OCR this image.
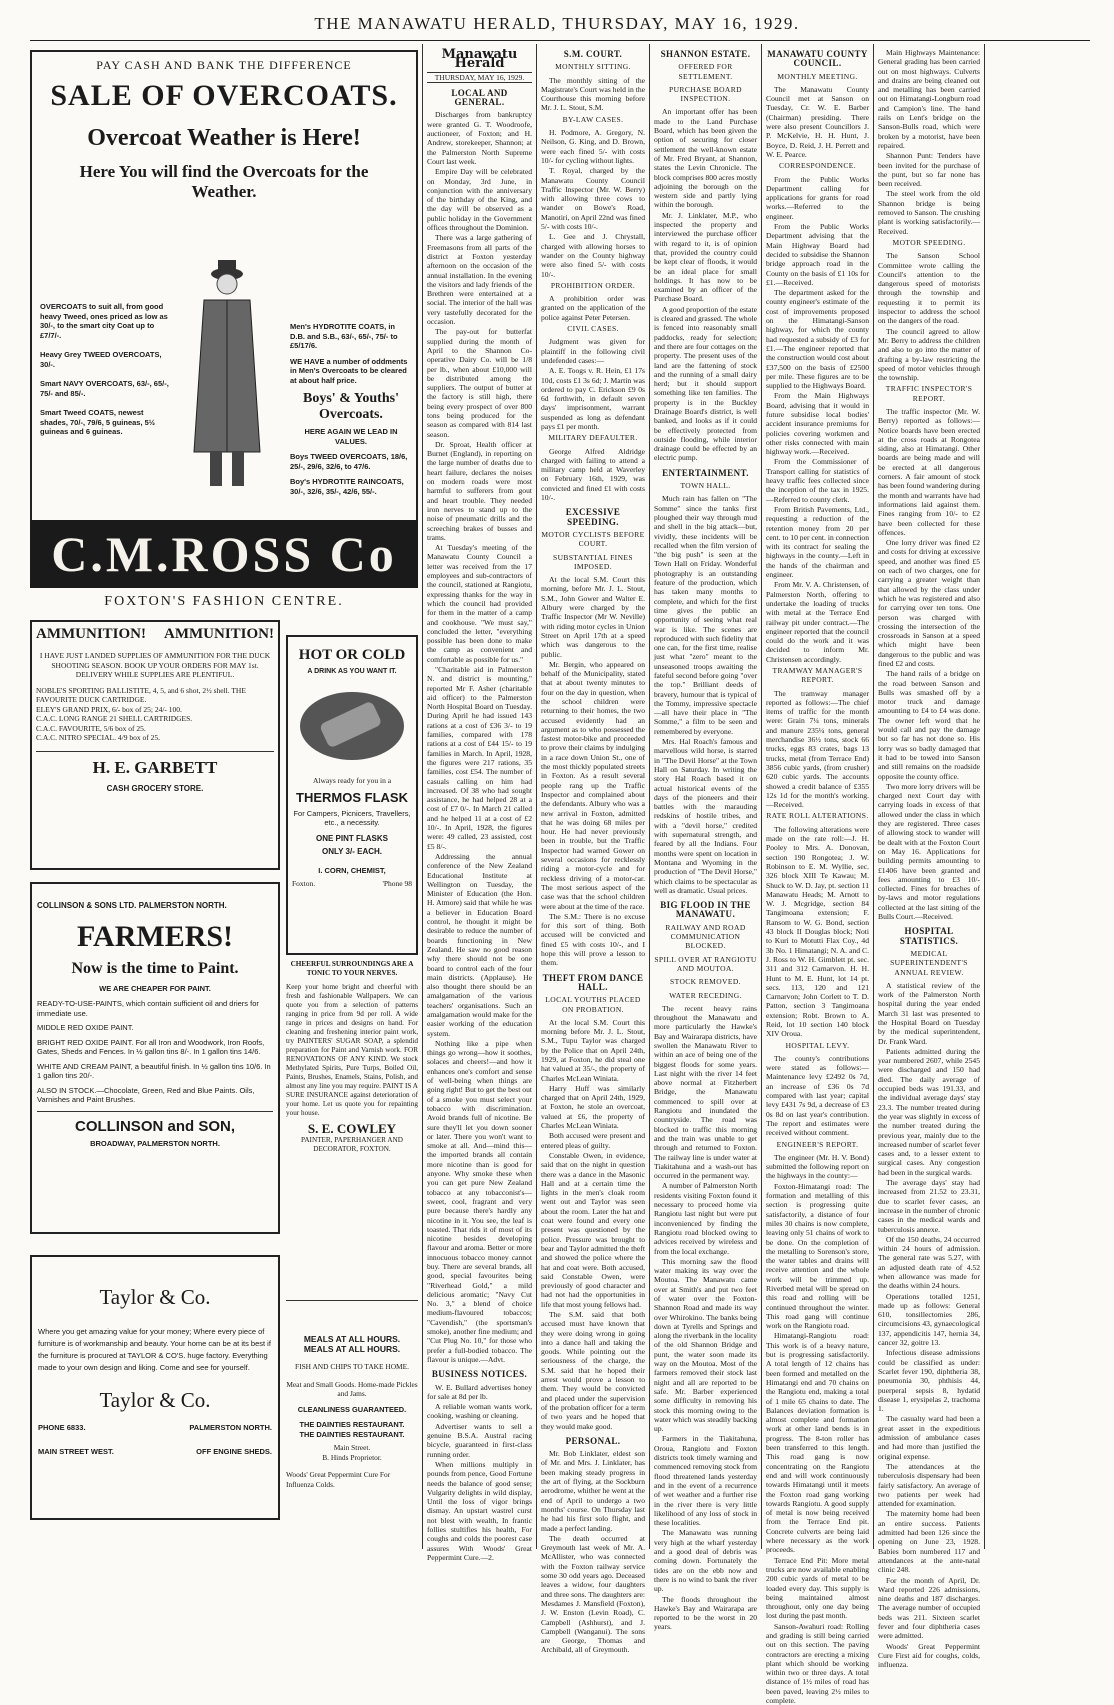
THE MANAWATU HERALD, THURSDAY, MAY 16, 1929.
PAY CASH AND BANK THE DIFFERENCE
SALE OF OVERCOATS.
Overcoat Weather is Here!
Here You will find the Overcoats for the Weather.
OVERCOATS to suit all, from good heavy Tweed, ones priced as low as 30/-, to the smart city Coat up to £7/7/-.
Heavy Grey TWEED OVERCOATS, 30/-.
Smart NAVY OVERCOATS, 63/-, 65/-, 75/- and 85/-.
Smart Tweed COATS, newest shades, 70/-, 79/6, 5 guineas, 5½ guineas and 6 guineas.
Men's HYDROTITE COATS, in D.B. and S.B., 63/-, 65/-, 75/- to £5/17/6.
WE HAVE a number of oddments in Men's Overcoats to be cleared at about half price.
Boys' & Youths' Overcoats.
HERE AGAIN WE LEAD IN VALUES.
Boys TWEED OVERCOATS, 18/6, 25/-, 29/6, 32/6, to 47/6.
Boy's HYDROTITE RAINCOATS, 30/-, 32/6, 35/-, 42/6, 55/-.
C.M.ROSS Co
FOXTON'S FASHION CENTRE.
AMMUNITION! AMMUNITION!
I HAVE JUST LANDED SUPPLIES OF AMMUNITION FOR THE DUCK SHOOTING SEASON. BOOK UP YOUR ORDERS FOR MAY 1st. DELIVERY WHILE SUPPLIES ARE PLENTIFUL.
NOBLE'S SPORTING BALLISTITE, 4, 5, and 6 shot, 2½ shell. THE FAVOURITE DUCK CARTRIDGE.
ELEY'S GRAND PRIX, 6/- box of 25; 24/- 100.
C.A.C. LONG RANGE 21 SHELL CARTRIDGES.
C.A.C. FAVOURITE, 5/6 box of 25.
C.A.C. NITRO SPECIAL. 4/9 box of 25.
H. E. GARBETT
CASH GROCERY STORE.
COLLINSON & SONS LTD. PALMERSTON NORTH.
FARMERS!
Now is the time to Paint.
WE ARE CHEAPER FOR PAINT.
READY-TO-USE-PAINTS, which contain sufficient oil and driers for immediate use.
MIDDLE RED OXIDE PAINT.
BRIGHT RED OXIDE PAINT. For all Iron and Woodwork, Iron Roofs, Gates, Sheds and Fences. In ½ gallon tins 8/-. In 1 gallon tins 14/6.
WHITE AND CREAM PAINT, a beautiful finish. In ½ gallon tins 10/6. In 1 gallon tins 20/-.
ALSO IN STOCK.—Chocolate, Green, Red and Blue Paints. Oils, Varnishes and Paint Brushes.
COLLINSON and SON,
BROADWAY, PALMERSTON NORTH.
Taylor & Co.
Where you get amazing value for your money; Where every piece of furniture is of workmanship and beauty. Your home can be at its best if the furniture is procured at TAYLOR & CO'S. huge factory. Everything made to your own design and liking. Come and see for yourself.
Taylor & Co.
PHONE 6833.	PALMERSTON NORTH.
MAIN STREET WEST.	OFF ENGINE SHEDS.
HOT OR COLD
A DRINK AS YOU WANT IT.
Always ready for you in a
THERMOS FLASK
For Campers, Picnicers, Travellers, etc., a necessity.
ONE PINT FLASKS
ONLY 3/- EACH.
I. CORN, CHEMIST,
Foxton.	'Phone 98
CHEERFUL SURROUNDINGS ARE A TONIC TO YOUR NERVES.
Keep your home bright and cheerful with fresh and fashionable Wallpapers. We can quote you from a selection of patterns ranging in price from 9d per roll. A wide range in prices and designs on hand. For cleaning and freshening interior paint work, try PAINTERS' SUGAR SOAP, a splendid preparation for Paint and Varnish work. FOR RENOVATIONS OF ANY KIND. We stock Methylated Spirits, Pure Turps, Boiled Oil, Paints, Brushes, Enamels, Stains, Polish, and almost any line you may require. PAINT IS A SURE INSURANCE against deterioration of your home. Let us quote you for repainting your house.
S. E. COWLEY
PAINTER, PAPERHANGER AND DECORATOR, FOXTON.
MEALS AT ALL HOURS.
MEALS AT ALL HOURS.
FISH AND CHIPS TO TAKE HOME.
Meat and Small Goods. Home-made Pickles and Jams.
CLEANLINESS GUARANTEED.
THE DAINTIES RESTAURANT.
THE DAINTIES RESTAURANT.
Main Street.
B. Hinds Proprietor.
Woods' Great Peppermint Cure For Influenza Colds.
Manawatu Herald
THURSDAY, MAY 16, 1929.
LOCAL AND GENERAL.

Discharges from bankruptcy were granted G. T. Woodroofe, auctioneer, of Foxton; and H. Andrew, storekeeper, Shannon; at the Palmerston North Supreme Court last week.

Empire Day will be celebrated on Monday, 3rd June, in conjunction with the anniversary of the birthday of the King, and the day will be observed as a public holiday in the Government offices throughout the Dominion.

There was a large gathering of Freemasons from all parts of the district at Foxton yesterday afternoon on the occasion of the annual installation. In the evening the visitors and lady friends of the Brethren were entertained at a social. The interior of the hall was very tastefully decorated for the occasion.

The pay-out for butterfat supplied during the month of April to the Shannon Co-operative Dairy Co. will be 1/8 per lb., when about £10,000 will be distributed among the suppliers. The output of butter at the factory is still high, there being every prospect of over 800 tons being produced for the season as compared with 814 last season.

Dr. Sproat, Health officer at Burnet (England), in reporting on the large number of deaths due to heart failure, declares the noises on modern roads were most harmful to sufferers from gout and heart trouble. They needed iron nerves to stand up to the noise of pneumatic drills and the screeching brakes of busses and trams.

At Tuesday's meeting of the Manawatu County Council a letter was received from the 17 employees and sub-contractors of the council, stationed at Rangiotu, expressing thanks for the way in which the council had provided for them in the matter of a camp and cookhouse. "We must say," concluded the letter, "everything possible has been done to make the camp as convenient and comfortable as possible for us."

"Charitable aid in Palmerston N. and district is mounting," reported Mr F. Asher (charitable aid officer) to the Palmerston North Hospital Board on Tuesday. During April he had issued 143 rations at a cost of £36 3/- to 19 families, compared with 178 rations at a cost of £44 15/- to 19 families in March. In April, 1928, the figures were 217 rations, 35 families, cost £54. The number of casuals calling on him had increased. Of 38 who had sought assistance, he had helped 28 at a cost of £7 0/-. In March 21 called and he helped 11 at a cost of £2 10/-. In April, 1928, the figures were: 49 called, 23 assisted, cost £5 8/-.

Addressing the annual conference of the New Zealand Educational Institute at Wellington on Tuesday, the Minister of Education (the Hon. H. Atmore) said that while he was a believer in Education Board control, he thought it might be desirable to reduce the number of boards functioning in New Zealand. He saw no good reason why there should not be one board to control each of the four main districts. (Applause). He also thought there should be an amalgamation of the various teachers' organisations. Such an amalgamation would make for the easier working of the education system.

Nothing like a pipe when things go wrong—how it soothes, solaces and cheers!—and how it enhances one's comfort and sense of well-being when things are going right! But to get the best out of a smoke you must select your tobacco with discrimination. Avoid brands full of nicotine. Be sure they'll let you down sooner or later. There you won't want to smoke at all. And—mind this—the imported brands all contain more nicotine than is good for anyone. Why smoke these when you can get pure New Zealand tobacco at any tobacconist's—sweet, cool, fragrant and very pure because there's hardly any nicotine in it. You see, the leaf is toasted. That rids it of most of its nicotine besides developing flavour and aroma. Better or more innocuous tobacco money cannot buy. There are several brands, all good, special favourites being "Riverhead Gold," a mild delicious aromatic; "Navy Cut No. 3," a blend of choice medium-flavoured tobaccos; "Cavendish," (the sportsman's smoke), another fine medium; and "Cut Plug No. 10," for those who prefer a full-bodied tobacco. The flavour is unique.—Advt.

BUSINESS NOTICES.

W. E. Bullard advertises honey for sale at 8d per lb.

A reliable woman wants work, cooking, washing or cleaning.

Advertiser wants to sell a genuine B.S.A. Austral racing bicycle, guaranteed in first-class running order.

When millions multiply in pounds from pence, Good Fortune needs the balance of good sense; Vulgarity delights in wild display, Until the loss of vigor brings dismay. An upstart wastrel curst not blest with wealth, In frantic follies stultifies his health, For coughs and colds the poorest case assures With Woods' Great Peppermint Cure.—2.

S.M. COURT.
MONTHLY SITTING.

The monthly sitting of the Magistrate's Court was held in the Courthouse this morning before Mr. J. L. Stout, S.M.

BY-LAW CASES.

H. Podmore, A. Gregory, N. Neilson, G. King, and D. Brown, were each fined 5/- with costs 10/- for cycling without lights.

T. Royal, charged by the Manawatu County Council Traffic Inspector (Mr. W. Berry) with allowing three cows to wander on Bowe's Road, Manotiri, on April 22nd was fined 5/- with costs 10/-.

L. Gee and J. Chrystall, charged with allowing horses to wander on the County highway were also fined 5/- with costs 10/-.

PROHIBITION ORDER.

A prohibition order was granted on the application of the police against Peter Petersen.

CIVIL CASES.

Judgment was given for plaintiff in the following civil undefended cases:—

A. E. Toogs v. R. Hein, £1 17s 10d, costs £1 3s 6d; J. Martin was ordered to pay C. Erickson £9 0s 6d forthwith, in default seven days' imprisonment, warrant suspended as long as defendant pays £1 per month.

MILITARY DEFAULTER.

George Alfred Aldridge charged with failing to attend a military camp held at Waverley on February 16th, 1929, was convicted and fined £1 with costs 10/-.

EXCESSIVE SPEEDING.
MOTOR CYCLISTS BEFORE COURT.
SUBSTANTIAL FINES IMPOSED.

At the local S.M. Court this morning, before Mr. J. L. Stout, S.M., John Gower and Walter E. Albury were charged by the Traffic Inspector (Mr W. Neville) with riding motor cycles in Union Street on April 17th at a speed which was dangerous to the public.

Mr. Bergin, who appeared on behalf of the Municipality, stated that at about twenty minutes to four on the day in question, when the school children were returning to their homes, the two accused evidently had an argument as to who possessed the fastest motor-bike and proceeded to prove their claims by indulging in a race down Union St., one of the most thickly populated streets in Foxton. As a result several people rang up the Traffic Inspector and complained about the defendants. Albury who was a new arrival in Foxton, admitted that he was doing 68 miles per hour. He had never previously been in trouble, but the Traffic Inspector had warned Gower on several occasions for recklessly riding a motor-cycle and for reckless driving of a motor-car. The most serious aspect of the case was that the school children were about at the time of the race.

The S.M.: There is no excuse for this sort of thing. Both accused will be convicted and fined £5 with costs 10/-, and I hope this will prove a lesson to them.

THEFT FROM DANCE HALL.
LOCAL YOUTHS PLACED ON PROBATION.

At the local S.M. Court this morning before Mr. J. L. Stout, S.M., Tupu Taylor was charged by the Police that on April 24th, 1929, at Foxton, he did steal one hat valued at 35/-, the property of Charles McLean Winiata.

Harry Huff was similarly charged that on April 24th, 1929, at Foxton, he stole an overcoat, valued at £6, the property of Charles McLean Winiata.

Both accused were present and entered pleas of guilty.

Constable Owen, in evidence, said that on the night in question there was a dance in the Masonic Hall and at a certain time the lights in the men's cloak room went out and Taylor was seen about the room. Later the hat and coat were found and every one present was questioned by the police. Pressure was brought to bear and Taylor admitted the theft and showed the police where the hat and coat were. Both accused, said Constable Owen, were previously of good character and had not had the opportunities in life that most young fellows had.

The S.M. said that both accused must have known that they were doing wrong in going into a dance hall and taking the goods. While pointing out the seriousness of the charge, the S.M. said that he hoped their arrest would prove a lesson to them. They would be convicted and placed under the supervision of the probation officer for a term of two years and he hoped that they would make good.

PERSONAL.

Mr. Bob Linklater, eldest son of Mr. and Mrs. J. Linklater, has been making steady progress in the art of flying, at the Sockburn aerodrome, whither he went at the end of April to undergo a two months' course. On Thursday last he had his first solo flight, and made a perfect landing.

The death occurred at Greymouth last week of Mr. A. McAllister, who was connected with the Foxton railway service some 30 odd years ago. Deceased leaves a widow, four daughters and three sons. The daughters are: Mesdames J. Mansfield (Foxton), J. W. Enston (Levin Road), C. Campbell (Ashhurst), and J. Campbell (Wanganui). The sons are George, Thomas and Archibald, all of Greymouth.

SHANNON ESTATE.
OFFERED FOR SETTLEMENT.
PURCHASE BOARD INSPECTION.

An important offer has been made to the Land Purchase Board, which has been given the option of securing for closer settlement the well-known estate of Mr. Fred Bryant, at Shannon, states the Levin Chronicle. The block comprises 800 acres mostly adjoining the borough on the western side and partly lying within the borough.

Mr. J. Linklater, M.P., who inspected the property and interviewed the purchase officer with regard to it, is of opinion that, provided the country could be kept clear of floods, it would be an ideal place for small holdings. It has now to be examined by an officer of the Purchase Board.

A good proportion of the estate is cleared and grassed. The whole is fenced into reasonably small paddocks, ready for selection; and there are four cottages on the property. The present uses of the land are the fattening of stock and the running of a small dairy herd; but it should support something like ten families. The property is in the Buckley Drainage Board's district, is well banked, and looks as if it could be effectively protected from outside flooding, while interior drainage could be effected by an electric pump.

ENTERTAINMENT.
TOWN HALL.

Much rain has fallen on "The Somme" since the tanks first ploughed their way through mud and shell in the big attack—but, vividly, these incidents will be recalled when the film version of "the big push" is seen at the Town Hall on Friday. Wonderful photography is an outstanding feature of the production, which has taken many months to complete, and which for the first time gives the public an opportunity of seeing what real war is like. The scenes are reproduced with such fidelity that one can, for the first time, realise just what "zero" meant to the unseasoned troops awaiting the fateful second before going "over the top." Brilliant deeds of bravery, humour that is typical of the Tommy, impressive spectacle—all have their place in "The Somme," a film to be seen and remembered by everyone.

Mrs. Hal Roach's famous and marvellous wild horse, is starred in "The Devil Horse" at the Town Hall on Saturday. In writing the story Hal Roach based it on actual historical events of the days of the pioneers and their battles with the marauding redskins of hostile tribes, and with a "devil horse," credited with supernatural strength, and feared by all the Indians. Four months were spent on location in Montana and Wyoming in the production of "The Devil Horse," which claims to be spectacular as well as dramatic. Usual prices.

BIG FLOOD IN THE MANAWATU.
RAILWAY AND ROAD COMMUNICATION BLOCKED.
SPILL OVER AT RANGIOTU AND MOUTOA.
STOCK REMOVED.
WATER RECEDING.

The recent heavy rains throughout the Manawatu and more particularly the Hawke's Bay and Wairarapa districts, have swollen the Manawatu River to within an ace of being one of the biggest floods for some years. Last night with the river 14 feet above normal at Fitzherbert Bridge, the Manawatu commenced to spill over at Rangiotu and inundated the countryside. The road was blocked to traffic this morning and the train was unable to get through and returned to Foxton. The railway line is under water at Tiakitahuna and a wash-out has occurred in the permanent way.

A number of Palmerston North residents visiting Foxton found it necessary to proceed home via Rangiotu last night but were put inconvenienced by finding the Rangiotu road blocked owing to advices received by wireless and from the local exchange.

This morning saw the flood water making its way over the Moutoa. The Manawatu came over at Smith's and put two feet of water over the Foxton-Shannon Road and made its way over Whirokino. The banks being down at Tyrells and Springs and along the riverbank in the locality of the old Shannon Bridge and punt, the water soon made its way on the Moutoa. Most of the farmers removed their stock last night and all are reported to be safe. Mr. Barber experienced some difficulty in removing his stock this morning owing to the water which was steadily backing up.

Farmers in the Tiakitahuna, Oroua, Rangiotu and Foxton districts took timely warning and commenced removing stock from flood threatened lands yesterday and in the event of a recurrence of wet weather and a further rise in the river there is very little likelihood of any loss of stock in these localities.

The Manawatu was running very high at the wharf yesterday and a good deal of debris was coming down. Fortunately the tides are on the ebb now and there is no wind to bank the river up.

The floods throughout the Hawke's Bay and Wairarapa are reported to be the worst in 20 years.

MANAWATU COUNTY COUNCIL.
MONTHLY MEETING.

The Manawatu County Council met at Sanson on Tuesday, Cr. W. E. Barber (Chairman) presiding. There were also present Councillors J. P. McKelvie, H. H. Hunt, J. Boyce, D. Reid, J. H. Perrett and W. E. Pearce.

CORRESPONDENCE.

From the Public Works Department calling for applications for grants for road works.—Referred to the engineer.

From the Public Works Department advising that the Main Highway Board had decided to subsidise the Shannon bridge approach road in the County on the basis of £1 10s for £1.—Received.

The department asked for the county engineer's estimate of the cost of improvements proposed on the Himatangi-Sanson highway, for which the county had requested a subsidy of £3 for £1.—The engineer reported that the construction would cost about £37,500 on the basis of £2500 per mile. These figures are to be supplied to the Highways Board.

From the Main Highways Board, advising that it would in future subsidise local bodies' accident insurance premiums for policies covering workmen and other risks connected with main highway work.—Received.

From the Commissioner of Transport calling for statistics of heavy traffic fees collected since the inception of the tax in 1925.—Referred to county clerk.

From British Pavements, Ltd., requesting a reduction of the retention money from 20 per cent. to 10 per cent. in connection with its contract for sealing the highways in the county.—Left in the hands of the chairman and engineer.

From Mr. V. A. Christensen, of Palmerston North, offering to undertake the loading of trucks with metal at the Terrace End railway pit under contract.—The engineer reported that the council could do the work and it was decided to inform Mr. Christensen accordingly.

TRAMWAY MANAGER'S REPORT.

The tramway manager reported as follows:—The chief items of traffic for the month were: Grain 7¼ tons, minerals and manure 235¼ tons, general merchandise 36½ tons, stock 66 trucks, eggs 83 crates, bags 13 trucks, metal (from Terrace End) 3856 cubic yards, (from crusher) 620 cubic yards. The accounts showed a credit balance of £355 12s 1d for the month's working.—Received.

RATE ROLL ALTERATIONS.

The following alterations were made on the rate roll:—J. H. Pooley to Mrs. A. Donovan, section 190 Rongotea; J. W. Robinson to E. M. Wyllie, sec. 326 block XIII Te Kawau; M. Shuck to W. D. Jay, pt. section 11 Manawatu Heads; M. Arnott to W. J. Mcgridge, section 84 Tangimoana extension; F. Ransom to W. G. Bond, section 43 block II Douglas block; Noti to Kuri to Motutti Flax Coy., 4d 3b No. 1 Himatangi; N. A. and C. J. Ross to W. H. Gimblett pt. sec. 311 and 312 Carnarvon. H. H. Hunt to M. E. Hunt, lot 14 pt. secs. 113, 120 and 121 Carnarvon; John Corlett to T. D. Patton, section 3 Tangimoana extension; Robt. Brown to A. Reid, lot 10 section 140 block XIV Oroua.

HOSPITAL LEVY.

The county's contributions were stated as follows:—Maintenance levy £2492 0s 7d, an increase of £36 0s 7d compared with last year; capital levy £431 7s 9d, a decrease of £3 0s 8d on last year's contribution. The report and estimates were received without comment.

ENGINEER'S REPORT.

The engineer (Mr. H. V. Bond) submitted the following report on the highways in the county:—

Foxton-Himatangi road: The formation and metalling of this section is progressing quite satisfactorily, a distance of four miles 30 chains is now complete, leaving only 51 chains of work to be done. On the completion of the metalling to Sorenson's store, the water tables and drains will receive attention and the whole work will be trimmed up. Riverbed metal will be spread on this road and rolling will be continued throughout the winter. This road gang will continue work on the Rangiotu road.

Himatangi-Rangiotu road: This work is of a heavy nature, but is progressing satisfactorily. A total length of 12 chains has been formed and metalled on the Himatangi end and 70 chains on the Rangiotu end, making a total of 1 mile 65 chains to date. The Balances deviation formation is almost complete and formation work at other land bends is in progress. The 8-ton roller has been transferred to this length. This road gang is now concentrating on the Rangiotu end and will work continuously towards Himatangi until it meets the Foxton road gang working towards Rangiotu. A good supply of metal is now being received from the Terrace End pit. Concrete culverts are being laid where necessary as the work proceeds.

Terrace End Pit: More metal trucks are now available enabling 200 cubic yards of metal to be loaded every day. This supply is being maintained almost throughout, only one day being lost during the past month.

Sanson-Awahuri road: Rolling and grading is still being carried out on this section. The paving contractors are erecting a mixing plant which should be working within two or three days. A total distance of 1½ miles of road has been paved, leaving 2½ miles to complete.

Main Highways Maintenance: General grading has been carried out on most highways. Culverts and drains are being cleaned out and metalling has been carried out on Himatangi-Longburn road and Campion's line. The hand rails on Lent's bridge on the Sanson-Bulls road, which were broken by a motorist, have been repaired.

Shannon Punt: Tenders have been invited for the purchase of the punt, but so far none has been received.

The steel work from the old Shannon bridge is being removed to Sanson. The crushing plant is working satisfactorily.—Received.

MOTOR SPEEDING.

The Sanson School Committee wrote calling the Council's attention to the dangerous speed of motorists through the township and requesting it to permit its inspector to address the school on the dangers of the road.

The council agreed to allow Mr. Berry to address the children and also to go into the matter of drafting a by-law restricting the speed of motor vehicles through the township.

TRAFFIC INSPECTOR'S REPORT.

The traffic inspector (Mr. W. Berry) reported as follows:—Notice boards have been erected at the cross roads at Rongotea siding, also at Himatangi. Other boards are being made and will be erected at all dangerous corners. A fair amount of stock has been found wandering during the month and warrants have had informations laid against them. Fines ranging from 10/- to £2 have been collected for these offences.

One lorry driver was fined £2 and costs for driving at excessive speed, and another was fined £5 on each of two charges, one for carrying a greater weight than that allowed by the class under which he was registered and also for carrying over ten tons. One person was charged with crossing the intersection of the crossroads in Sanson at a speed which might have been dangerous to the public and was fined £2 and costs.

The hand rails of a bridge on the road between Sanson and Bulls was smashed off by a motor truck and damage amounting to £4 to £4 was done. The owner left word that he would call and pay the damage but so far has not done so. His lorry was so badly damaged that it had to be towed into Sanson and still remains on the roadside opposite the county office.

Two more lorry drivers will be charged next Court day with carrying loads in excess of that allowed under the class in which they are registered. Three cases of allowing stock to wander will be dealt with at the Foxton Court on May 16. Applications for building permits amounting to £1406 have been granted and fees amounting to £3 10/- collected. Fines for breaches of by-laws and motor regulations collected at the last sitting of the Bulls Court.—Received.

HOSPITAL STATISTICS.
MEDICAL SUPERINTENDENT'S ANNUAL REVIEW.

A statistical review of the work of the Palmerston North hospital during the year ended March 31 last was presented to the Hospital Board on Tuesday by the medical superintendent, Dr. Frank Ward.

Patients admitted during the year numbered 2607, while 2545 were discharged and 150 had died. The daily average of occupied beds was 191.33, and the individual average days' stay 23.3. The number treated during the year was slightly in excess of the number treated during the previous year, mainly due to the increased number of scarlet fever cases and, to a lesser extent to surgical cases. Any congestion had been in the surgical wards.

The average days' stay had increased from 21.52 to 23.31, due to scarlet fever cases, an increase in the number of chronic cases in the medical wards and tuberculosis annexe.

Of the 150 deaths, 24 occurred within 24 hours of admission. The general rate was 5.27, with an adjusted death rate of 4.52 when allowance was made for the deaths within 24 hours.

Operations totalled 1251, made up as follows: General 610, tonsillectomies 286, circumcisions 43, gynaecological 137, appendicitis 147, hernia 34, cancer 32, goitre 13.

Infectious disease admissions could be classified as under: Scarlet fever 190, diphtheria 38, pneumonia 30, phthisis 44, puerperal sepsis 8, hydatid disease 1, erysipelas 2, trachoma 1.

The casualty ward had been a great asset in the expeditious admission of ambulance cases and had more than justified the original expense.

The attendances at the tuberculosis dispensary had been fairly satisfactory. An average of two patients per week had attended for examination.

The maternity home had been an entire success. Patients admitted had been 126 since the opening on June 23, 1928. Babies born numbered 117 and attendances at the ante-natal clinic 248.

For the month of April, Dr. Ward reported 226 admissions, nine deaths and 187 discharges. The average number of occupied beds was 211. Sixteen scarlet fever and four diphtheria cases were admitted.

Woods' Great Peppermint Cure First aid for coughs, colds, influenza.
